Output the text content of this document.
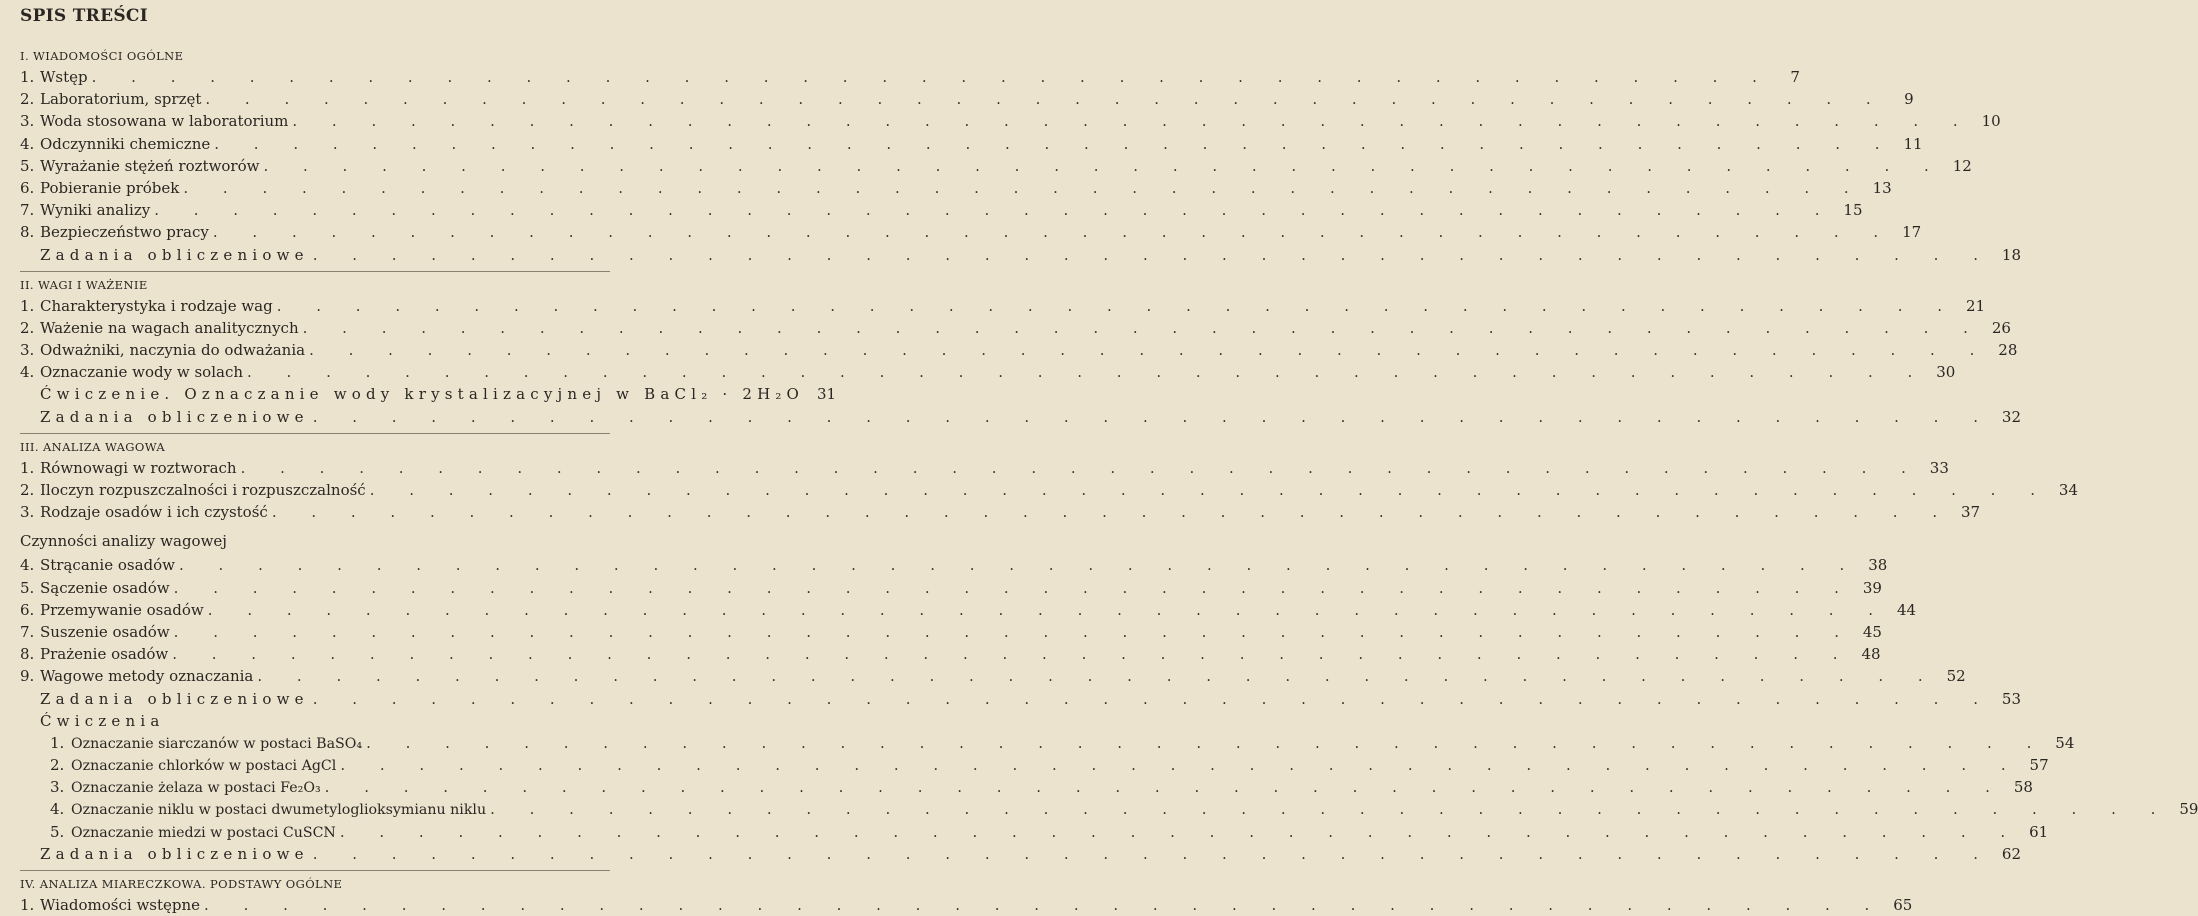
SPIS TREŚCI
I. WIADOMOŚCI OGÓLNE
1. Wstęp . . .	7
2. Laboratorium, sprzęt . . .	9
3. Woda stosowana w laboratorium . . .	10
4. Odczynniki chemiczne . . .	11
5. Wyrażanie stężeń roztworów . . .	12
6. Pobieranie próbek . . .	13
7. Wyniki analizy . . .	15
8. Bezpieczeństwo pracy . . .	17
Zadania obliczeniowe . . .	18
II. WAGI I WAŻENIE
1. Charakterystyka i rodzaje wag . . .	21
2. Ważenie na wagach analitycznych . . .	26
3. Odważniki, naczynia do odważania . . .	28
4. Oznaczanie wody w solach . . .	30
Ćwiczenie. Oznaczanie wody krystalizacyjnej w BaCl₂ · 2H₂O 31
Zadania obliczeniowe . . .	32
III. ANALIZA WAGOWA
1. Równowagi w roztworach . . .	33
2. Iloczyn rozpuszczalności i rozpuszczalność . . .	34
3. Rodzaje osadów i ich czystość . . .	37
Czynności analizy wagowej
4. Strącanie osadów . . .	38
5. Sączenie osadów . . .	39
6. Przemywanie osadów . . .	44
7. Suszenie osadów . . .	45
8. Prażenie osadów . . .	48
9. Wagowe metody oznaczania . . .	52
Zadania obliczeniowe . . .	53
Ćwiczenia
1. Oznaczanie siarczanów w postaci BaSO₄ . . .	54
2. Oznaczanie chlorków w postaci AgCl . . .	57
3. Oznaczanie żelaza w postaci Fe₂O₃ . . .	58
4. Oznaczanie niklu w postaci dwumetyloglioksymianu niklu . . .	59
5. Oznaczanie miedzi w postaci CuSCN . . .	61
Zadania obliczeniowe . . .	62
IV. ANALIZA MIARECZKOWA. PODSTAWY OGÓLNE
1. Wiadomości wstępne . . .	65
